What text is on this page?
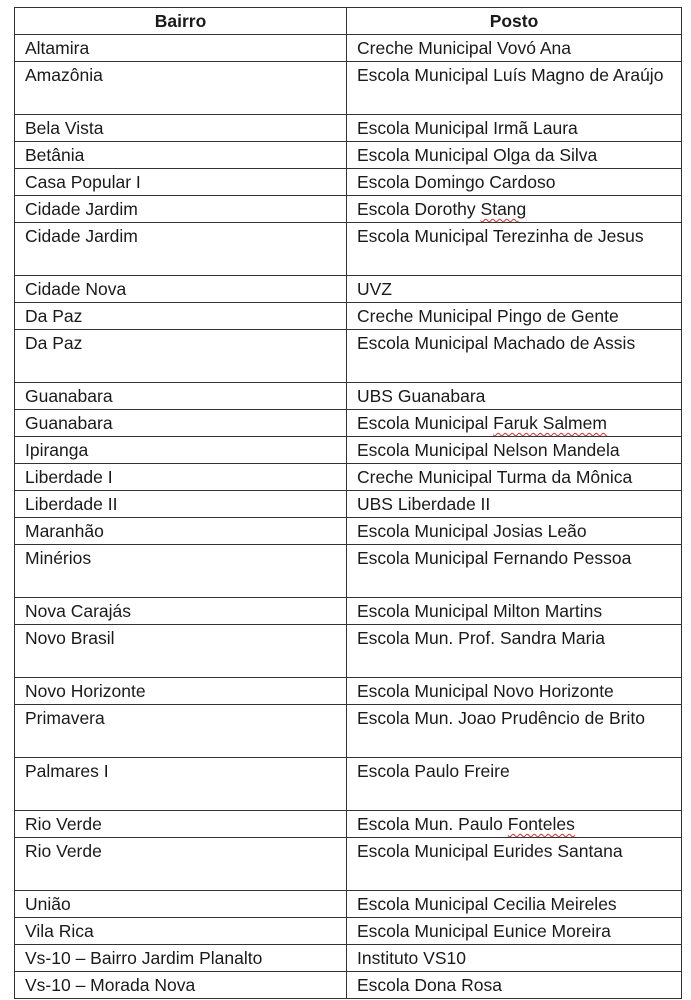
Bairro	Posto
Altamira	Creche Municipal Vovó Ana
Amazônia	Escola Municipal Luís Magno de Araújo
Bela Vista	Escola Municipal Irmã Laura
Betânia	Escola Municipal Olga da Silva
Casa Popular I	Escola Domingo Cardoso
Cidade Jardim	Escola Dorothy Stang
Cidade Jardim	Escola Municipal Terezinha de Jesus
Cidade Nova	UVZ
Da Paz	Creche Municipal Pingo de Gente
Da Paz	Escola Municipal Machado de Assis
Guanabara	UBS Guanabara
Guanabara	Escola Municipal Faruk Salmem
Ipiranga	Escola Municipal Nelson Mandela
Liberdade I	Creche Municipal Turma da Mônica
Liberdade II	UBS Liberdade II
Maranhão	Escola Municipal Josias Leão
Minérios	Escola Municipal Fernando Pessoa
Nova Carajás	Escola Municipal Milton Martins
Novo Brasil	Escola Mun. Prof. Sandra Maria
Novo Horizonte	Escola Municipal Novo Horizonte
Primavera	Escola Mun. Joao Prudêncio de Brito
Palmares I	Escola Paulo Freire
Rio Verde	Escola Mun. Paulo Fonteles
Rio Verde	Escola Municipal Eurides Santana
União	Escola Municipal Cecilia Meireles
Vila Rica	Escola Municipal Eunice Moreira
Vs-10 – Bairro Jardim Planalto	Instituto VS10
Vs-10 – Morada Nova	Escola Dona Rosa
